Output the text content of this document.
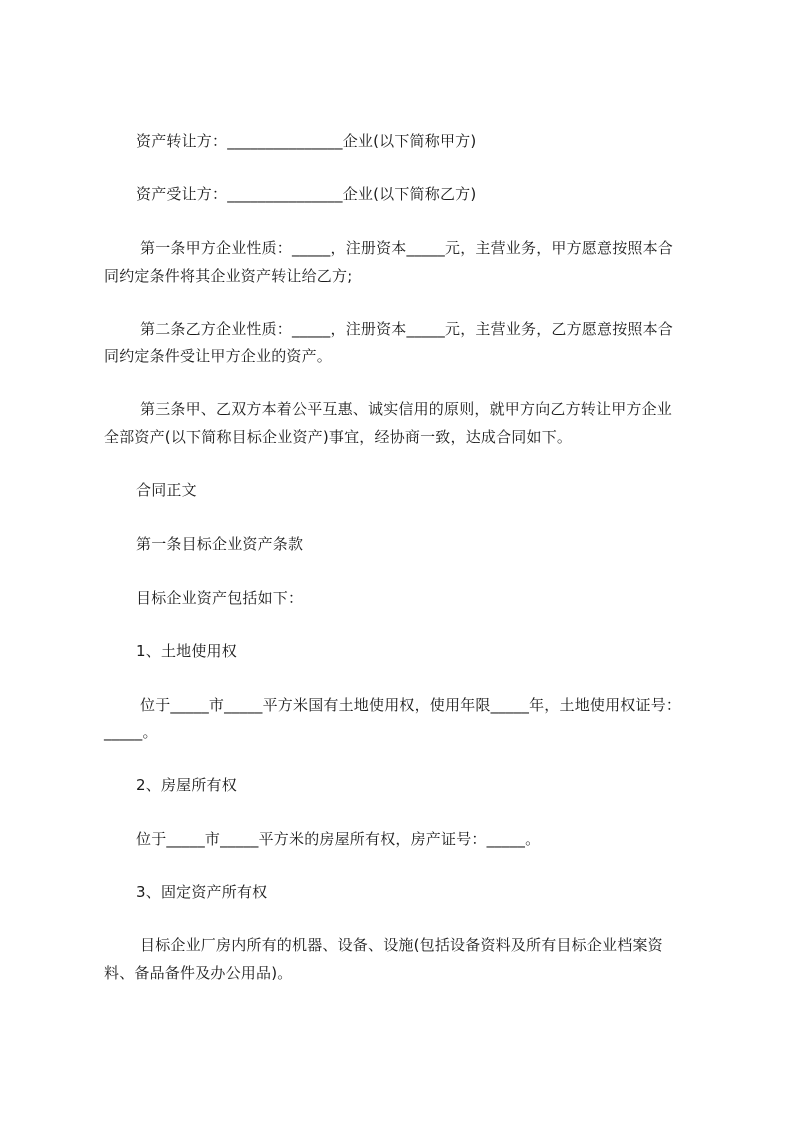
资产转让方：_______________企业(以下简称甲方)
资产受让方：_______________企业(以下简称乙方)
第一条甲方企业性质：_____，注册资本_____元，主营业务，甲方愿意按照本合
同约定条件将其企业资产转让给乙方;
第二条乙方企业性质：_____，注册资本_____元，主营业务，乙方愿意按照本合
同约定条件受让甲方企业的资产。
第三条甲、乙双方本着公平互惠、诚实信用的原则，就甲方向乙方转让甲方企业
全部资产(以下简称目标企业资产)事宜，经协商一致，达成合同如下。
合同正文
第一条目标企业资产条款
目标企业资产包括如下：
1、土地使用权
位于_____市_____平方米国有土地使用权，使用年限_____年，土地使用权证号：
_____。
2、房屋所有权
位于_____市_____平方米的房屋所有权，房产证号：_____。
3、固定资产所有权
目标企业厂房内所有的机器、设备、设施(包括设备资料及所有目标企业档案资
料、备品备件及办公用品)。
